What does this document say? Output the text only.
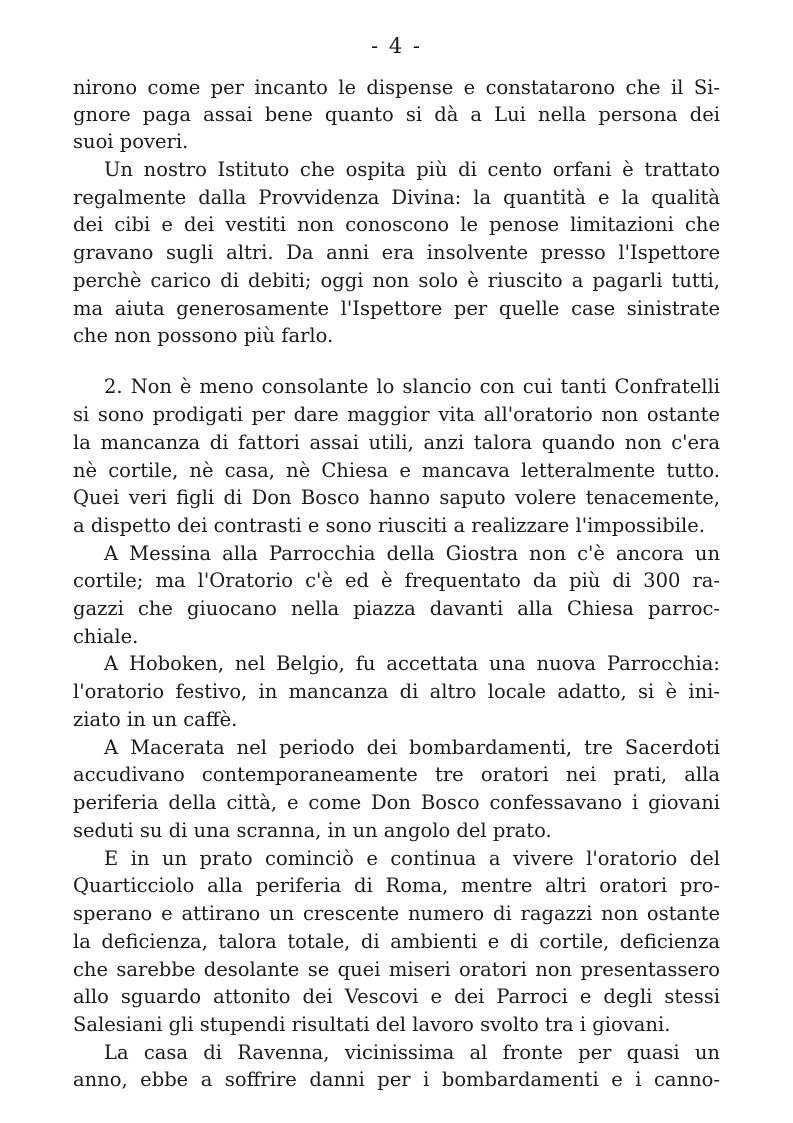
- 4 -
nirono come per incanto le dispense e constatarono che il Si-
gnore paga assai bene quanto si dà a Lui nella persona dei
suoi poveri.
Un nostro Istituto che ospita più di cento orfani è trattato
regalmente dalla Provvidenza Divina: la quantità e la qualità
dei cibi e dei vestiti non conoscono le penose limitazioni che
gravano sugli altri. Da anni era insolvente presso l'Ispettore
perchè carico di debiti; oggi non solo è riuscito a pagarli tutti,
ma aiuta generosamente l'Ispettore per quelle case sinistrate
che non possono più farlo.
2. Non è meno consolante lo slancio con cui tanti Confratelli
si sono prodigati per dare maggior vita all'oratorio non ostante
la mancanza di fattori assai utili, anzi talora quando non c'era
nè cortile, nè casa, nè Chiesa e mancava letteralmente tutto.
Quei veri figli di Don Bosco hanno saputo volere tenacemente,
a dispetto dei contrasti e sono riusciti a realizzare l'impossibile.
A Messina alla Parrocchia della Giostra non c'è ancora un
cortile; ma l'Oratorio c'è ed è frequentato da più di 300 ra-
gazzi che giuocano nella piazza davanti alla Chiesa parroc-
chiale.
A Hoboken, nel Belgio, fu accettata una nuova Parrocchia:
l'oratorio festivo, in mancanza di altro locale adatto, si è ini-
ziato in un caffè.
A Macerata nel periodo dei bombardamenti, tre Sacerdoti
accudivano contemporaneamente tre oratori nei prati, alla
periferia della città, e come Don Bosco confessavano i giovani
seduti su di una scranna, in un angolo del prato.
E in un prato cominciò e continua a vivere l'oratorio del
Quarticciolo alla periferia di Roma, mentre altri oratori pro-
sperano e attirano un crescente numero di ragazzi non ostante
la deficienza, talora totale, di ambienti e di cortile, deficienza
che sarebbe desolante se quei miseri oratori non presentassero
allo sguardo attonito dei Vescovi e dei Parroci e degli stessi
Salesiani gli stupendi risultati del lavoro svolto tra i giovani.
La casa di Ravenna, vicinissima al fronte per quasi un
anno, ebbe a soffrire danni per i bombardamenti e i canno-
